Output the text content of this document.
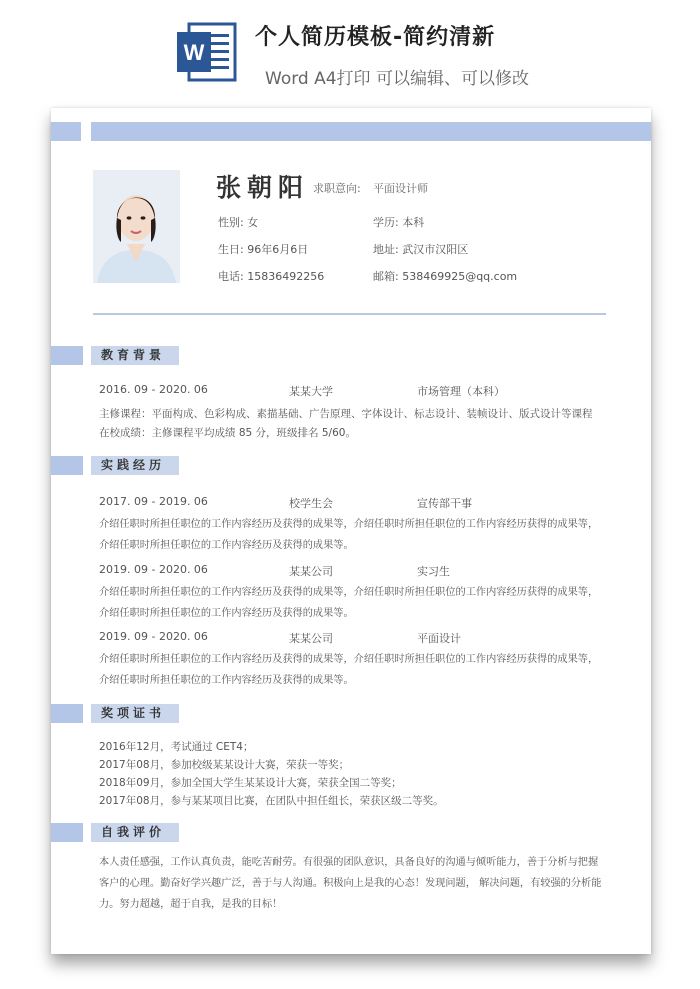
W
个人简历模板-简约清新
Word A4打印 可以编辑、可以修改
张朝阳 求职意向: 平面设计师
性别: 女	学历: 本科
生日: 96年6月6日	地址: 武汉市汉阳区
电话: 15836492256	邮箱: 538469925@qq.com
教育背景
2016. 09 - 2020. 06	某某大学	市场管理（本科）
主修课程：平面构成、色彩构成、素描基础、广告原理、字体设计、标志设计、装帧设计、版式设计等课程
在校成绩：主修课程平均成绩 85 分，班级排名 5/60。
实践经历
2017. 09 - 2019. 06	校学生会	宣传部干事
介绍任职时所担任职位的工作内容经历及获得的成果等，介绍任职时所担任职位的工作内容经历获得的成果等，介绍任职时所担任职位的工作内容经历及获得的成果等。
2019. 09 - 2020. 06	某某公司	实习生
介绍任职时所担任职位的工作内容经历及获得的成果等，介绍任职时所担任职位的工作内容经历获得的成果等，介绍任职时所担任职位的工作内容经历及获得的成果等。
2019. 09 - 2020. 06	某某公司	平面设计
介绍任职时所担任职位的工作内容经历及获得的成果等，介绍任职时所担任职位的工作内容经历获得的成果等，介绍任职时所担任职位的工作内容经历及获得的成果等。
奖项证书
2016年12月，考试通过 CET4；
2017年08月，参加校级某某设计大赛，荣获一等奖；
2018年09月，参加全国大学生某某设计大赛，荣获全国二等奖；
2017年08月，参与某某项目比赛，在团队中担任组长，荣获区级二等奖。
自我评价
本人责任感强，工作认真负责，能吃苦耐劳。有很强的团队意识，具备良好的沟通与倾听能力，善于分析与把握客户的心理。勤奋好学兴趣广泛，善于与人沟通。积极向上是我的心态！发现问题， 解决问题，有较强的分析能力。努力超越，超于自我，是我的目标！
